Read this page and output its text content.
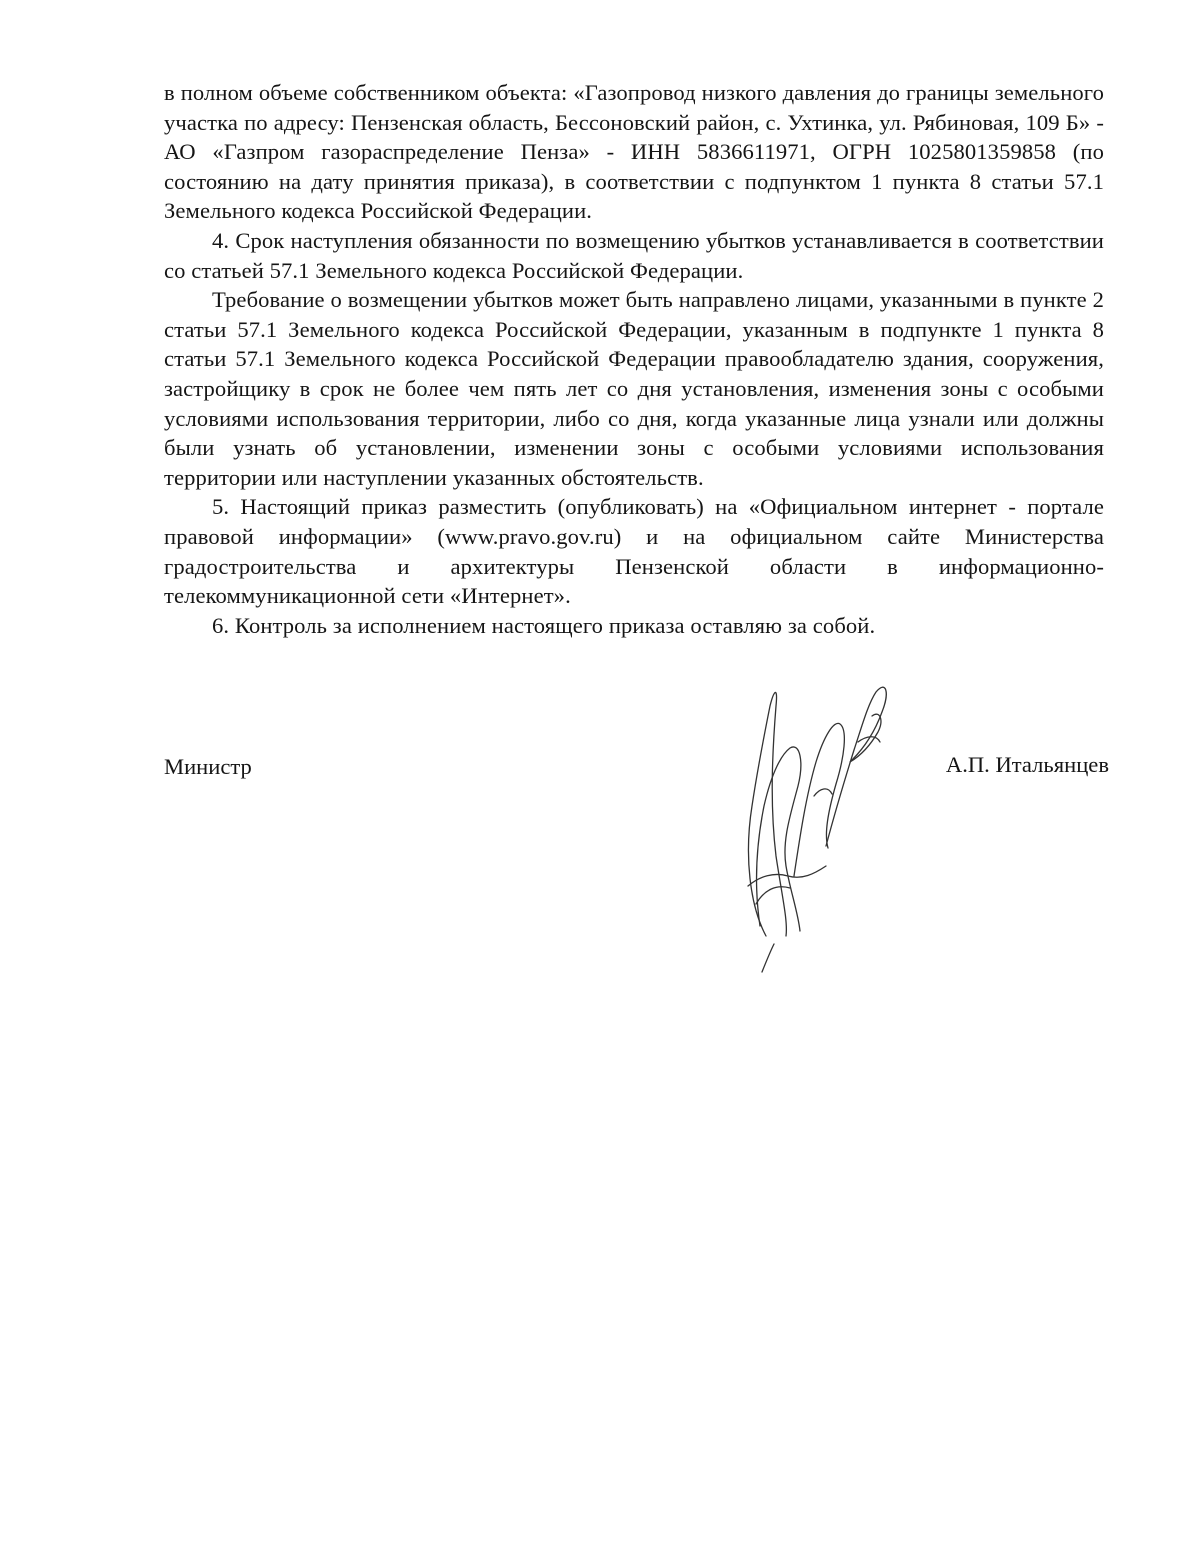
в полном объеме собственником объекта: «Газопровод низкого давления до границы земельного участка по адресу: Пензенская область, Бессоновский район, с. Ухтинка, ул. Рябиновая, 109 Б» - АО «Газпром газораспределение Пенза» - ИНН 5836611971, ОГРН 1025801359858 (по состоянию на дату принятия приказа), в соответствии с подпунктом 1 пункта 8 статьи 57.1 Земельного кодекса Российской Федерации.

4. Срок наступления обязанности по возмещению убытков устанавливается в соответствии со статьей 57.1 Земельного кодекса Российской Федерации.

Требование о возмещении убытков может быть направлено лицами, указанными в пункте 2 статьи 57.1 Земельного кодекса Российской Федерации, указанным в подпункте 1 пункта 8 статьи 57.1 Земельного кодекса Российской Федерации правообладателю здания, сооружения, застройщику в срок не более чем пять лет со дня установления, изменения зоны с особыми условиями использования территории, либо со дня, когда указанные лица узнали или должны были узнать об установлении, изменении зоны с особыми условиями использования территории или наступлении указанных обстоятельств.

5. Настоящий приказ разместить (опубликовать) на «Официальном интернет - портале правовой информации» (www.pravo.gov.ru) и на официальном сайте Министерства градостроительства и архитектуры Пензенской области в информационно-телекоммуникационной сети «Интернет».

6. Контроль за исполнением настоящего приказа оставляю за собой.

Министр	А.П. Итальянцев
